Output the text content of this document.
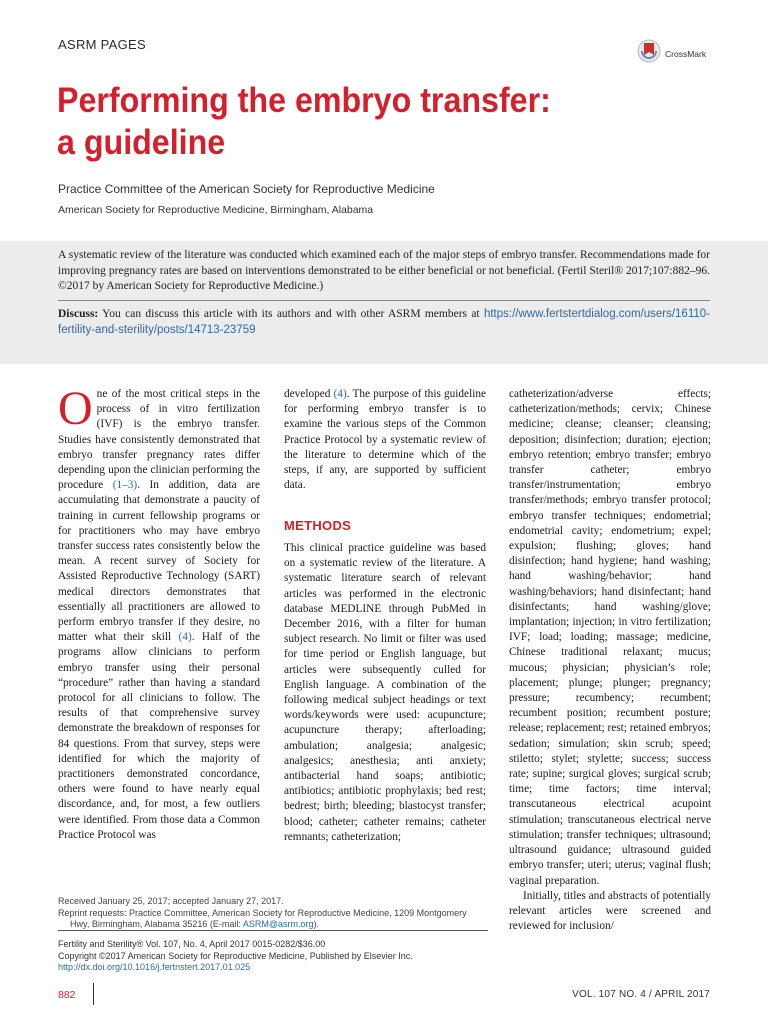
ASRM PAGES
CrossMark
Performing the embryo transfer:
a guideline
Practice Committee of the American Society for Reproductive Medicine
American Society for Reproductive Medicine, Birmingham, Alabama
A systematic review of the literature was conducted which examined each of the major steps of embryo transfer. Recommendations made for improving pregnancy rates are based on interventions demonstrated to be either beneficial or not beneficial. (Fertil Steril® 2017;107:882–96. ©2017 by American Society for Reproductive Medicine.)
Discuss: You can discuss this article with its authors and with other ASRM members at https://www.fertstertdialog.com/users/16110-fertility-and-sterility/posts/14713-23759
One of the most critical steps in the process of in vitro fertilization (IVF) is the embryo transfer. Studies have consistently demonstrated that embryo transfer pregnancy rates differ depending upon the clinician performing the procedure (1–3). In addition, data are accumulating that demonstrate a paucity of training in current fellowship programs or for practitioners who may have embryo transfer success rates consistently below the mean. A recent survey of Society for Assisted Reproductive Technology (SART) medical directors demonstrates that essentially all practitioners are allowed to perform embryo transfer if they desire, no matter what their skill (4). Half of the programs allow clinicians to perform embryo transfer using their personal “procedure” rather than having a standard protocol for all clinicians to follow. The results of that comprehensive survey demonstrate the breakdown of responses for 84 questions. From that survey, steps were identified for which the majority of practitioners demonstrated concordance, others were found to have nearly equal discordance, and, for most, a few outliers were identified. From those data a Common Practice Protocol was
developed (4). The purpose of this guideline for performing embryo transfer is to examine the various steps of the Common Practice Protocol by a systematic review of the literature to determine which of the steps, if any, are supported by sufficient data.
METHODS
This clinical practice guideline was based on a systematic review of the literature. A systematic literature search of relevant articles was performed in the electronic database MEDLINE through PubMed in December 2016, with a filter for human subject research. No limit or filter was used for time period or English language, but articles were subsequently culled for English language. A combination of the following medical subject headings or text words/keywords were used: acupuncture; acupuncture therapy; afterloading; ambulation; analgesia; analgesic; analgesics; anesthesia; anti anxiety; antibacterial hand soaps; antibiotic; antibiotics; antibiotic prophylaxis; bed rest; bedrest; birth; bleeding; blastocyst transfer; blood; catheter; catheter remains; catheter remnants; catheterization;
catheterization/adverse effects; catheterization/methods; cervix; Chinese medicine; cleanse; cleanser; cleansing; deposition; disinfection; duration; ejection; embryo retention; embryo transfer; embryo transfer catheter; embryo transfer/instrumentation; embryo transfer/methods; embryo transfer protocol; embryo transfer techniques; endometrial; endometrial cavity; endometrium; expel; expulsion; flushing; gloves; hand disinfection; hand hygiene; hand washing; hand washing/behavior; hand washing/behaviors; hand disinfectant; hand disinfectants; hand washing/glove; implantation; injection; in vitro fertilization; IVF; load; loading; massage; medicine, Chinese traditional relaxant; mucus; mucous; physician; physician’s role; placement; plunge; plunger; pregnancy; pressure; recumbency; recumbent; recumbent position; recumbent posture; release; replacement; rest; retained embryos; sedation; simulation; skin scrub; speed; stiletto; stylet; stylette; success; success rate; supine; surgical gloves; surgical scrub; time; time factors; time interval; transcutaneous electrical acupoint stimulation; transcutaneous electrical nerve stimulation; transfer techniques; ultrasound; ultrasound guidance; ultrasound guided embryo transfer; uteri; uterus; vaginal flush; vaginal preparation.
Initially, titles and abstracts of potentially relevant articles were screened and reviewed for inclusion/
Received January 25, 2017; accepted January 27, 2017.
Reprint requests: Practice Committee, American Society for Reproductive Medicine, 1209 Montgomery Hwy, Birmingham, Alabama 35216 (E-mail: ASRM@asrm.org).
Fertility and Sterility® Vol. 107, No. 4, April 2017 0015-0282/$36.00
Copyright ©2017 American Society for Reproductive Medicine, Published by Elsevier Inc.
http://dx.doi.org/10.1016/j.fertnstert.2017.01.025
882	VOL. 107 NO. 4 / APRIL 2017
